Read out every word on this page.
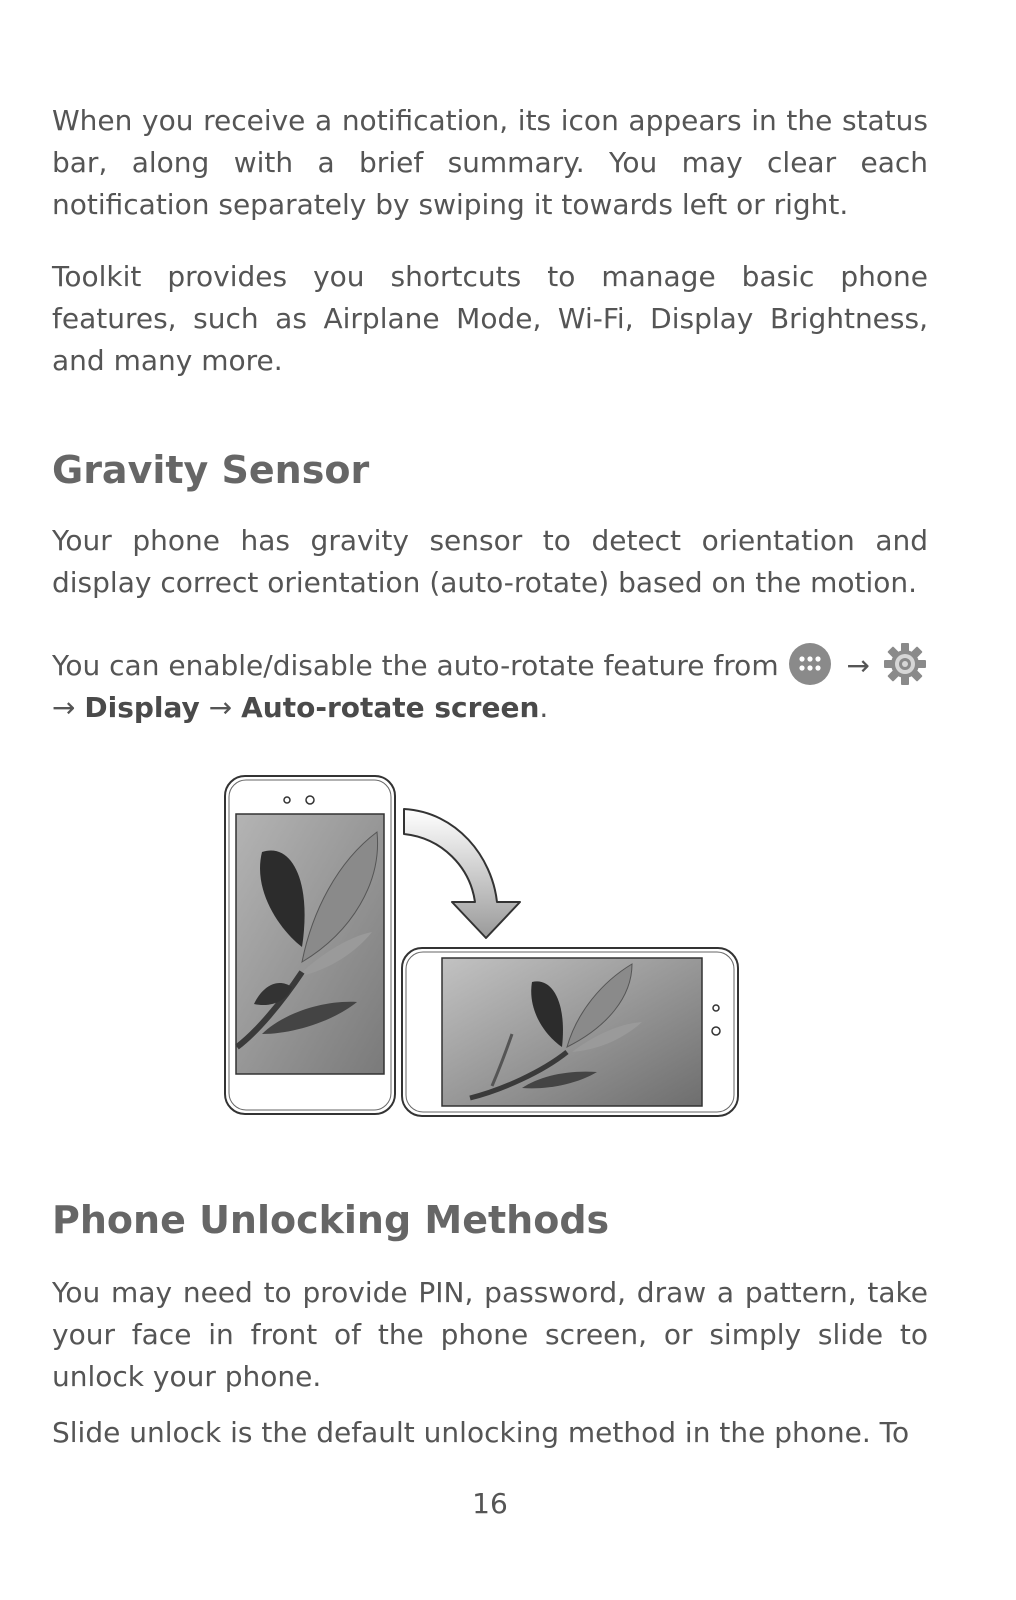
When you receive a notification, its icon appears in the status bar, along with a brief summary. You may clear each notification separately by swiping it towards left or right.

Toolkit provides you shortcuts to manage basic phone features, such as Airplane Mode, Wi-Fi, Display Brightness, and many more.

Gravity Sensor

Your phone has gravity sensor to detect orientation and display correct orientation (auto-rotate) based on the motion.

You can enable/disable the auto-rotate feature from →
→ Display → Auto-rotate screen.
Phone Unlocking Methods

You may need to provide PIN, password, draw a pattern, take your face in front of the phone screen, or simply slide to unlock your phone.

Slide unlock is the default unlocking method in the phone. To

16
